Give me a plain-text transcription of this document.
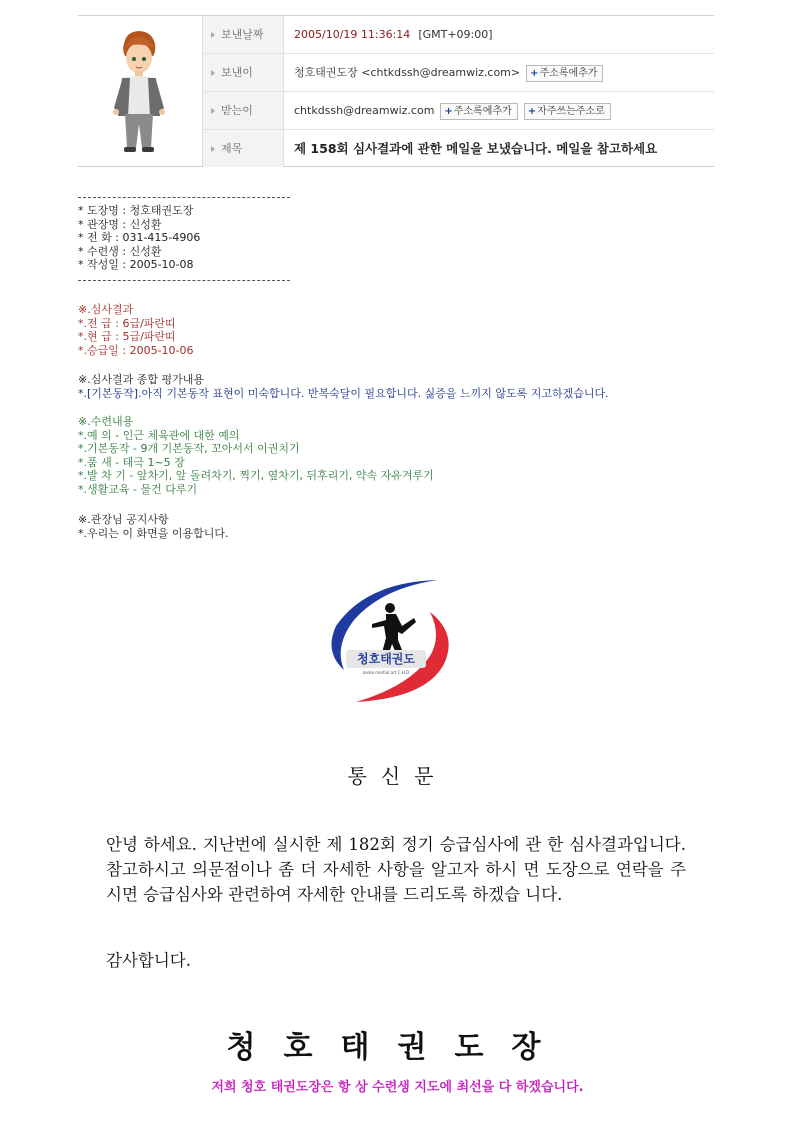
보낸날짜	2005/10/19 11:36:14 [GMT+09:00]
보낸이	청호태권도장 <chtkdssh@dreamwiz.com> +주소록에추가
받는이	chtkdssh@dreamwiz.com +주소록에추가 +자주쓰는주소로
제목	제 158회 심사결과에 관한 메일을 보냈습니다. 메일을 참고하세요
* 도장명 : 청호태권도장
* 관장명 : 신성환
* 전 화 : 031-415-4906
* 수련생 : 신성환
* 작성일 : 2005-10-08
※.심사결과
*.전 급 : 6급/파란띠
*.현 급 : 5급/파란띠
*.승급일 : 2005-10-06
※.심사결과 종합 평가내용
*.[기본동작].아직 기본동작 표현이 미숙합니다. 반복숙달이 필요합니다. 싫증을 느끼지 않도록 지고하겠습니다.
※.수련내용
*.예 의 - 인근 체육관에 대한 예의
*.기본동작 - 9개 기본동작, 꼬아서서 이권치기
*.품 새 - 태극 1~5 장
*.발 차 기 - 앞차기, 앞 돌려차기, 찍기, 옆차기, 뒤후리기, 약속 자유겨루기
*.생활교육 - 물건 다루기
※.관장님 공지사항
*.우리는 이 화면을 이용합니다.
청호태권도
korea martial art C.H.D
통신문
안녕 하세요. 지난번에 실시한 제 182회 정기 승급심사에 관 한 심사결과입니다. 참고하시고 의문점이나 좀 더 자세한 사항을 알고자 하시 면 도장으로 연락을 주시면 승급심사와 관련하여 자세한 안내를 드리도록 하겠습 니다.
감사합니다.
청호태권도장
저희 청호 태권도장은 항 상 수련생 지도에 최선을 다 하겠습니다.
